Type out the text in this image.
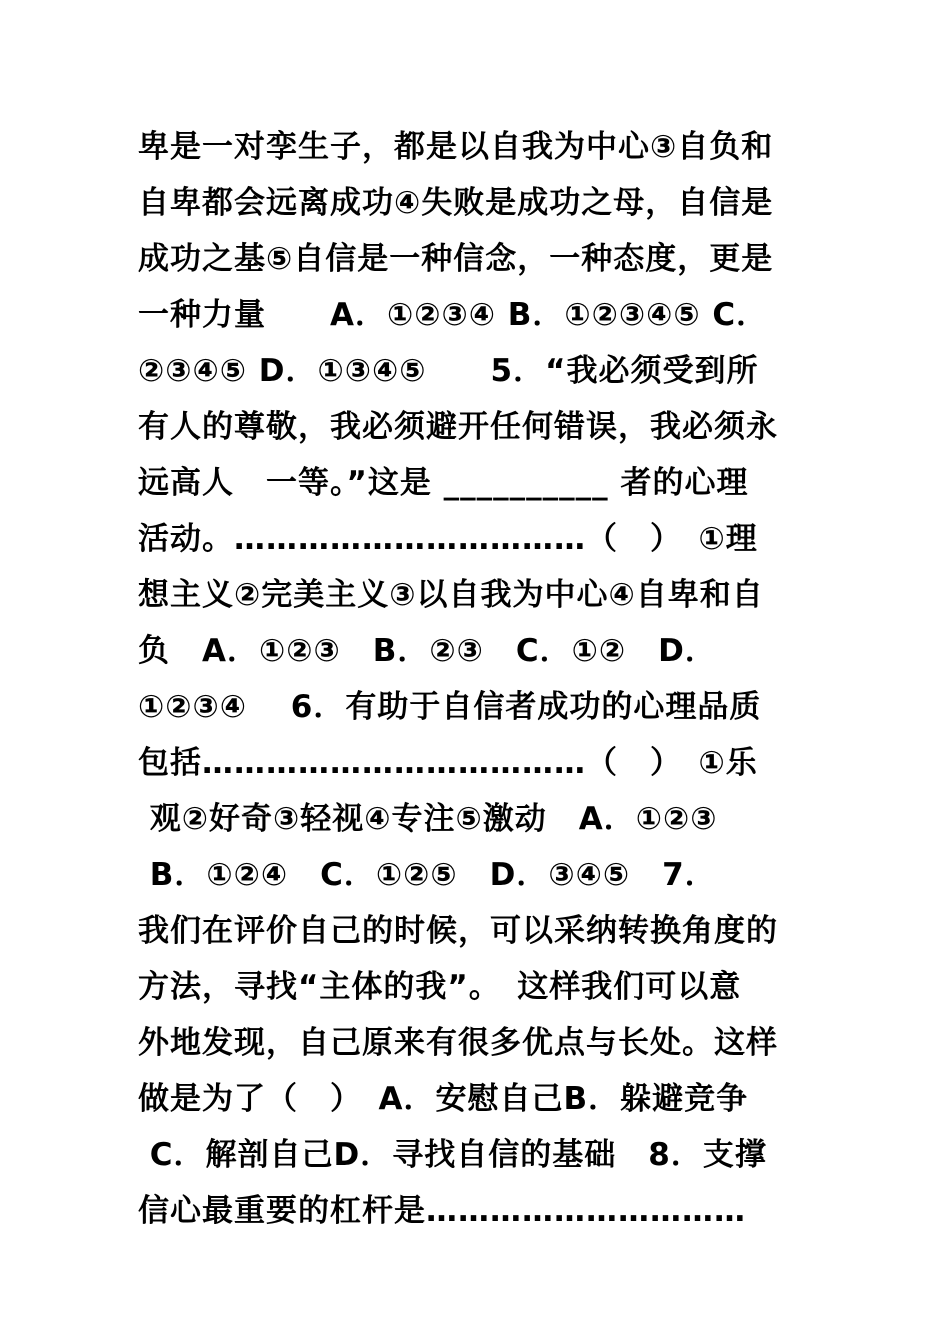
卑是一对孪生子，都是以自我为中心③自负和
自卑都会远离成功④失败是成功之母，自信是
成功之基⑤自信是一种信念，一种态度，更是
一种力量　　A．①②③④ B．①②③④⑤ C．
②③④⑤ D．①③④⑤　　5．“我必须受到所
有人的尊敬，我必须避开任何错误，我必须永
远高人　一等。”这是 __________ 者的心理
活动。……………………………（　）　①理
想主义②完美主义③以自我为中心④自卑和自
负　A．①②③　B．②③　C．①②　D．
①②③④　 6．有助于自信者成功的心理品质
包括………………………………（　）　①乐
观②好奇③轻视④专注⑤激动　A．①②③
B．①②④　C．①②⑤　D．③④⑤　7．
我们在评价自己的时候，可以采纳转换角度的
方法，寻找“主体的我”。　这样我们可以意
外地发现，自己原来有很多优点与长处。这样
做是为了（　）　A．安慰自己B．躲避竞争
C．解剖自己D．寻找自信的基础　8．支撑
信心最重要的杠杆是…………………………
